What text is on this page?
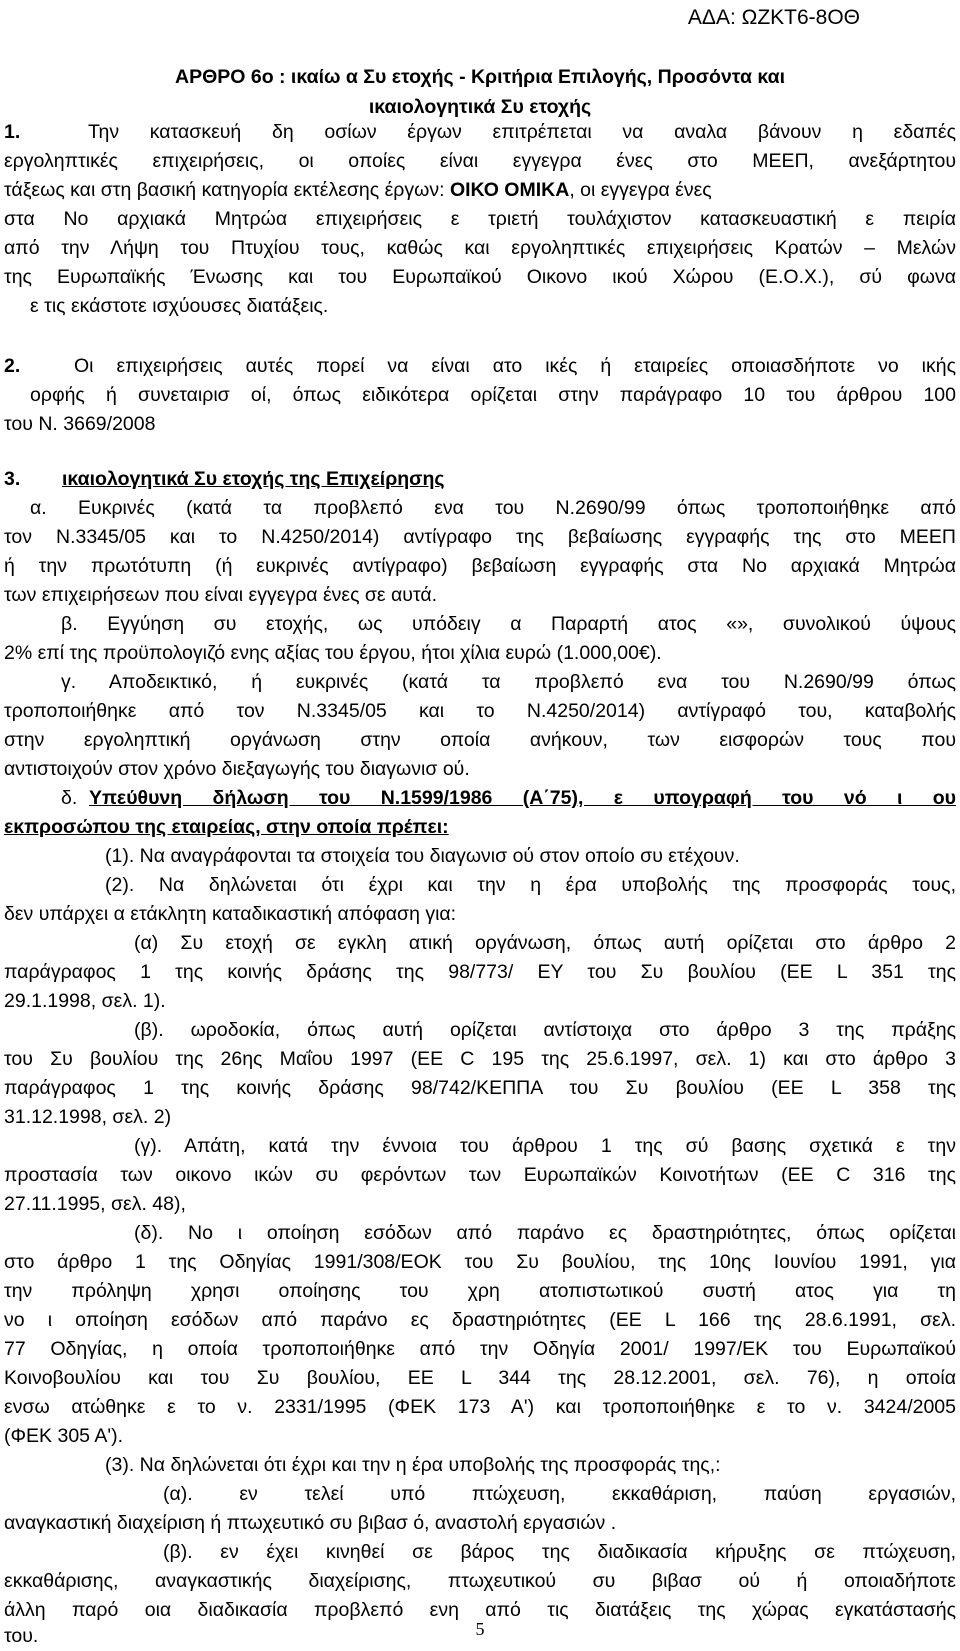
ΑΔΑ: ΩΖΚΤ6-8ΟΘ
ΑΡΘΡΟ 6ο : ικαίω α Συ ετοχής - Κριτήρια Επιλογής, Προσόντα και
ικαιολογητικά Συ ετοχής
1.	Την κατασκευή δη οσίων έργων επιτρέπεται να αναλα βάνουν η εδαπές
εργοληπτικές επιχειρήσεις, οι οποίες είναι εγγεγρα ένες στο ΜΕΕΠ, ανεξάρτητου
τάξεως και στη βασική κατηγορία εκτέλεσης έργων: ΟΙΚΟ ΟΜΙΚΑ, οι εγγεγρα ένες
στα Νο αρχιακά Μητρώα επιχειρήσεις ε τριετή τουλάχιστον κατασκευαστική ε πειρία
από την Λήψη του Πτυχίου τους, καθώς και εργοληπτικές επιχειρήσεις Κρατών – Μελών
της Ευρωπαϊκής Ένωσης και του Ευρωπαϊκού Οικονο ικού Χώρου (Ε.Ο.Χ.), σύ φωνα
ε τις εκάστοτε ισχύουσες διατάξεις.
2.	Οι επιχειρήσεις αυτές πορεί να είναι ατο ικές ή εταιρείες οποιασδήποτε νο ικής
ορφής ή συνεταιρισ οί, όπως ειδικότερα ορίζεται στην παράγραφο 10 του άρθρου 100
του Ν. 3669/2008
3. ικαιολογητικά Συ ετοχής της Επιχείρησης
α. Ευκρινές (κατά τα προβλεπό ενα του Ν.2690/99 όπως τροποποιήθηκε από
τον Ν.3345/05 και το Ν.4250/2014) αντίγραφο της βεβαίωσης εγγραφής της στο ΜΕΕΠ
ή την πρωτότυπη (ή ευκρινές αντίγραφο) βεβαίωση εγγραφής στα Νο αρχιακά Μητρώα
των επιχειρήσεων που είναι εγγεγρα ένες σε αυτά.
β. Εγγύηση συ ετοχής, ως υπόδειγ α Παραρτή ατος «», συνολικού ύψους
2% επί της προϋπολογιζό ενης αξίας του έργου, ήτοι χίλια ευρώ (1.000,00€).
γ. Αποδεικτικό, ή ευκρινές (κατά τα προβλεπό ενα του Ν.2690/99 όπως
τροποποιήθηκε από τον Ν.3345/05 και το Ν.4250/2014) αντίγραφό του, καταβολής
στην εργοληπτική οργάνωση στην οποία ανήκουν, των εισφορών τους που
αντιστοιχούν στον χρόνο διεξαγωγής του διαγωνισ ού.
δ. Υπεύθυνη δήλωση του Ν.1599/1986 (Α΄75), ε υπογραφή του νό ι ου
εκπροσώπου της εταιρείας, στην οποία πρέπει:
(1). Να αναγράφονται τα στοιχεία του διαγωνισ ού στον οποίο συ ετέχουν.
(2). Να δηλώνεται ότι έχρι και την η έρα υποβολής της προσφοράς τους,
δεν υπάρχει α ετάκλητη καταδικαστική απόφαση για:
(α) Συ ετοχή σε εγκλη ατική οργάνωση, όπως αυτή ορίζεται στο άρθρο 2
παράγραφος 1 της κοινής δράσης της 98/773/ ΕΥ του Συ βουλίου (ΕΕ L 351 της
29.1.1998, σελ. 1).
(β). ωροδοκία, όπως αυτή ορίζεται αντίστοιχα στο άρθρο 3 της πράξης
του Συ βουλίου της 26ης Μαΐου 1997 (ΕΕ C 195 της 25.6.1997, σελ. 1) και στο άρθρο 3
παράγραφος 1 της κοινής δράσης 98/742/ΚΕΠΠΑ του Συ βουλίου (ΕΕ L 358 της
31.12.1998, σελ. 2)
(γ). Απάτη, κατά την έννοια του άρθρου 1 της σύ βασης σχετικά ε την
προστασία των οικονο ικών συ φερόντων των Ευρωπαϊκών Κοινοτήτων (ΕΕ C 316 της
27.11.1995, σελ. 48),
(δ). Νο ι οποίηση εσόδων από παράνο ες δραστηριότητες, όπως ορίζεται
στο άρθρο 1 της Οδηγίας 1991/308/ΕΟΚ του Συ βουλίου, της 10ης Ιουνίου 1991, για
την πρόληψη χρησι οποίησης του χρη ατοπιστωτικού συστή ατος για τη
νο ι οποίηση εσόδων από παράνο ες δραστηριότητες (ΕΕ L 166 της 28.6.1991, σελ.
77 Οδηγίας, η οποία τροποποιήθηκε από την Οδηγία 2001/ 1997/ΕΚ του Ευρωπαϊκού
Κοινοβουλίου και του Συ βουλίου, ΕΕ L 344 της 28.12.2001, σελ. 76), η οποία
ενσω ατώθηκε ε το ν. 2331/1995 (ΦΕΚ 173 Α') και τροποποιήθηκε ε το ν. 3424/2005
(ΦΕΚ 305 Α').
(3). Να δηλώνεται ότι έχρι και την η έρα υποβολής της προσφοράς της,:
(α). εν τελεί υπό πτώχευση, εκκαθάριση, παύση εργασιών,
αναγκαστική διαχείριση ή πτωχευτικό συ βιβασ ό, αναστολή εργασιών .
(β). εν έχει κινηθεί σε βάρος της διαδικασία κήρυξης σε πτώχευση,
εκκαθάρισης, αναγκαστικής διαχείρισης, πτωχευτικού συ βιβασ ού ή οποιαδήποτε
άλλη παρό οια διαδικασία προβλεπό ενη από τις διατάξεις της χώρας εγκατάστασής
του.	5
